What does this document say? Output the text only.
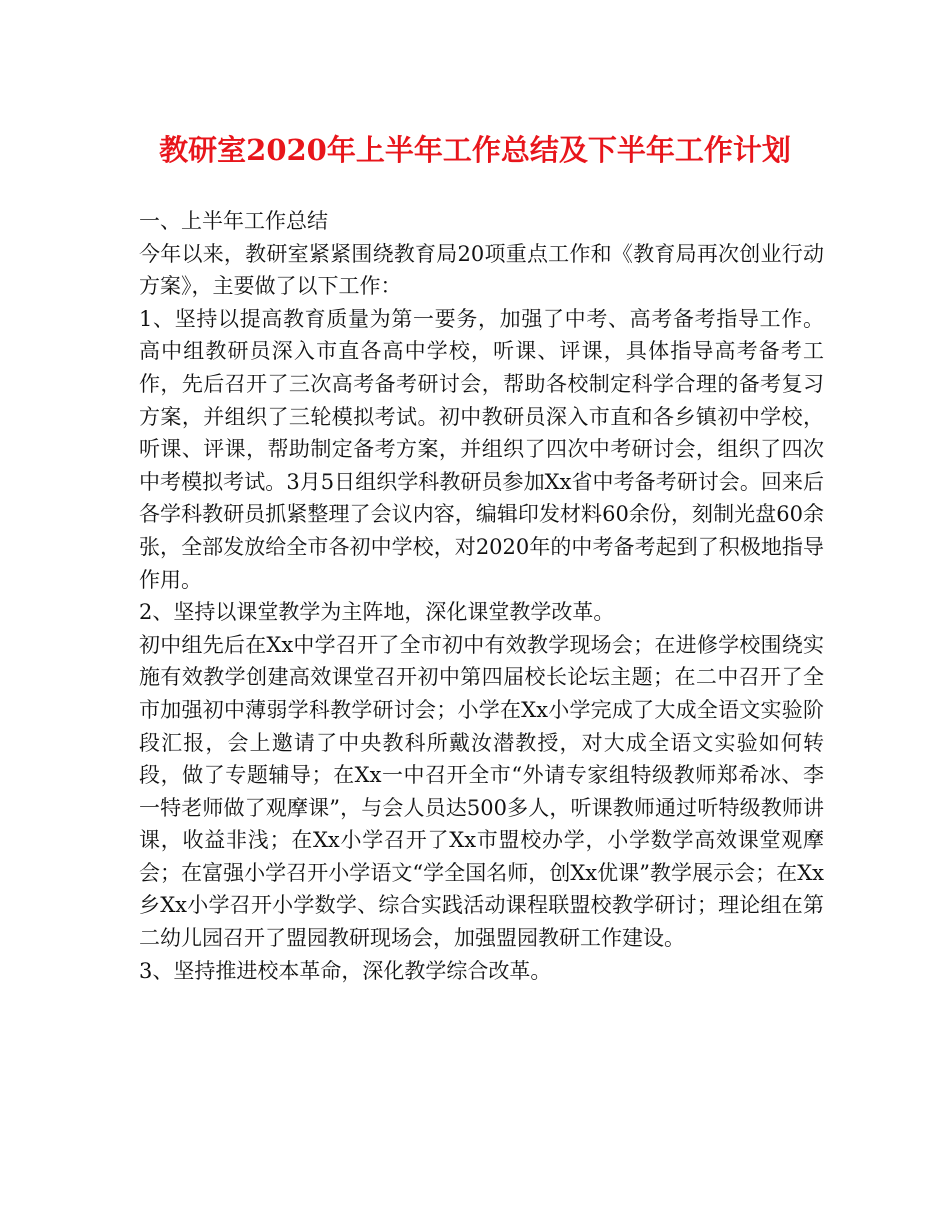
教研室2020年上半年工作总结及下半年工作计划

一、上半年工作总结

今年以来，教研室紧紧围绕教育局20项重点工作和《教育局再次创业行动方案》，主要做了以下工作：

1、坚持以提高教育质量为第一要务，加强了中考、高考备考指导工作。高中组教研员深入市直各高中学校，听课、评课，具体指导高考备考工作，先后召开了三次高考备考研讨会，帮助各校制定科学合理的备考复习方案，并组织了三轮模拟考试。初中教研员深入市直和各乡镇初中学校，听课、评课，帮助制定备考方案，并组织了四次中考研讨会，组织了四次中考模拟考试。3月5日组织学科教研员参加Xx省中考备考研讨会。回来后各学科教研员抓紧整理了会议内容，编辑印发材料60余份，刻制光盘60余张，全部发放给全市各初中学校，对2020年的中考备考起到了积极地指导作用。

2、坚持以课堂教学为主阵地，深化课堂教学改革。

初中组先后在Xx中学召开了全市初中有效教学现场会；在进修学校围绕实施有效教学创建高效课堂召开初中第四届校长论坛主题；在二中召开了全市加强初中薄弱学科教学研讨会；小学在Xx小学完成了大成全语文实验阶段汇报，会上邀请了中央教科所戴汝潜教授，对大成全语文实验如何转段，做了专题辅导；在Xx一中召开全市“外请专家组特级教师郑希冰、李一特老师做了观摩课”，与会人员达500多人，听课教师通过听特级教师讲课，收益非浅；在Xx小学召开了Xx市盟校办学，小学数学高效课堂观摩会；在富强小学召开小学语文“学全国名师，创Xx优课”教学展示会；在Xx乡Xx小学召开小学数学、综合实践活动课程联盟校教学研讨；理论组在第二幼儿园召开了盟园教研现场会，加强盟园教研工作建设。

3、坚持推进校本革命，深化教学综合改革。
